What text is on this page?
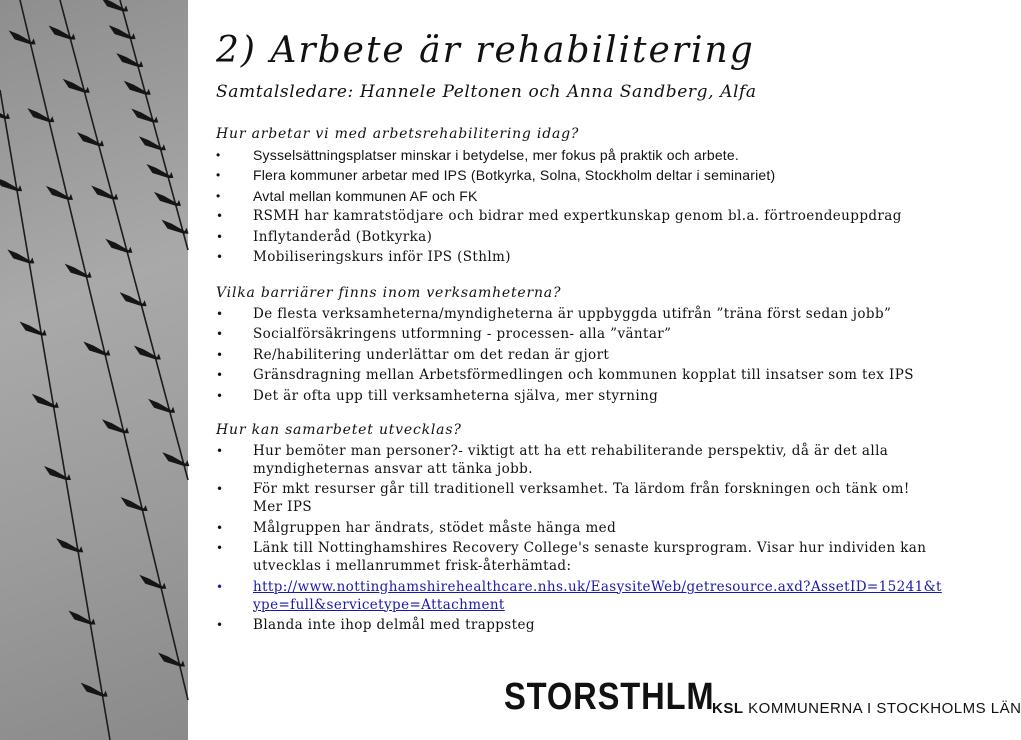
2) Arbete är rehabilitering
Samtalsledare: Hannele Peltonen och Anna Sandberg, Alfa
Hur arbetar vi med arbetsrehabilitering idag?
• Sysselsättningsplatser minskar i betydelse, mer fokus på praktik och arbete.
• Flera kommuner arbetar med IPS (Botkyrka, Solna, Stockholm deltar i seminariet)
• Avtal mellan kommunen AF och FK
• RSMH har kamratstödjare och bidrar med expertkunskap genom bl.a. förtroendeuppdrag
• Inflytanderåd (Botkyrka)
• Mobiliseringskurs inför IPS (Sthlm)
Vilka barriärer finns inom verksamheterna?
• De flesta verksamheterna/myndigheterna är uppbyggda utifrån ”träna först sedan jobb”
• Socialförsäkringens utformning - processen- alla ”väntar”
• Re/habilitering underlättar om det redan är gjort
• Gränsdragning mellan Arbetsförmedlingen och kommunen kopplat till insatser som tex IPS
• Det är ofta upp till verksamheterna själva, mer styrning
Hur kan samarbetet utvecklas?
• Hur bemöter man personer?- viktigt att ha ett rehabiliterande perspektiv, då är det alla myndigheternas ansvar att tänka jobb.
• För mkt resurser går till traditionell verksamhet. Ta lärdom från forskningen och tänk om! Mer IPS
• Målgruppen har ändrats, stödet måste hänga med
• Länk till Nottinghamshires Recovery College's senaste kursprogram. Visar hur individen kan utvecklas i mellanrummet frisk-återhämtad:
• http://www.nottinghamshirehealthcare.nhs.uk/EasysiteWeb/getresource.axd?AssetID=15241&type=full&servicetype=Attachment
• Blanda inte ihop delmål med trappsteg
STORSTHLM
KSL KOMMUNERNA I STOCKHOLMS LÄN
